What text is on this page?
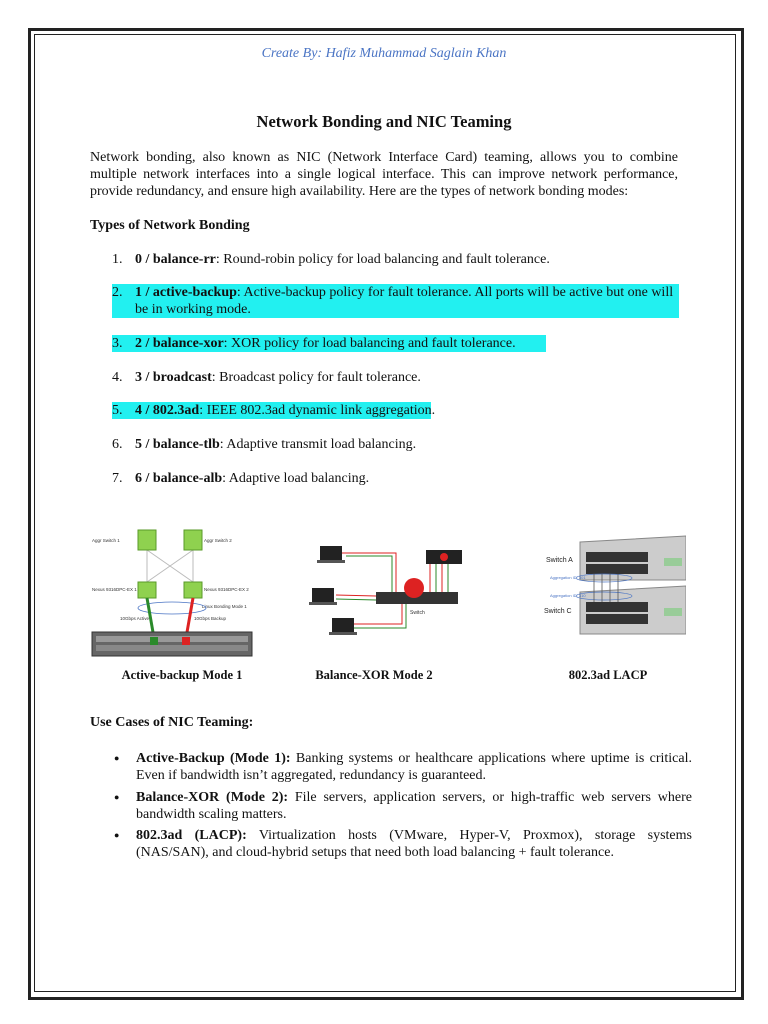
Create By: Hafiz Muhammad Saglain Khan
Network Bonding and NIC Teaming
Network bonding, also known as NIC (Network Interface Card) teaming, allows you to combine multiple network interfaces into a single logical interface. This can improve network performance, provide redundancy, and ensure high availability. Here are the types of network bonding modes:
Types of Network Bonding
1. 0 / balance-rr: Round-robin policy for load balancing and fault tolerance.
2. 1 / active-backup: Active-backup policy for fault tolerance. All ports will be active but one will be in working mode.
3. 2 / balance-xor: XOR policy for load balancing and fault tolerance.
4. 3 / broadcast: Broadcast policy for fault tolerance.
5. 4 / 802.3ad: IEEE 802.3ad dynamic link aggregation.
6. 5 / balance-tlb: Adaptive transmit load balancing.
7. 6 / balance-alb: Adaptive load balancing.
Aggr Switch 1	Aggr Switch 2
Nexus 9316DPC-EX 1	Nexus 9316DPC-EX 2
Linux Bonding Mode 1
10Gbps Active	10Gbps Backup
Switch
Switch A
Switch C
Aggregation ID: 301
Aggregation ID: 310
Active-backup Mode 1	Balance-XOR Mode 2	802.3ad LACP
Use Cases of NIC Teaming:
● Active-Backup (Mode 1): Banking systems or healthcare applications where uptime is critical. Even if bandwidth isn’t aggregated, redundancy is guaranteed.
● Balance-XOR (Mode 2): File servers, application servers, or high-traffic web servers where bandwidth scaling matters.
● 802.3ad (LACP): Virtualization hosts (VMware, Hyper-V, Proxmox), storage systems (NAS/SAN), and cloud-hybrid setups that need both load balancing + fault tolerance.
